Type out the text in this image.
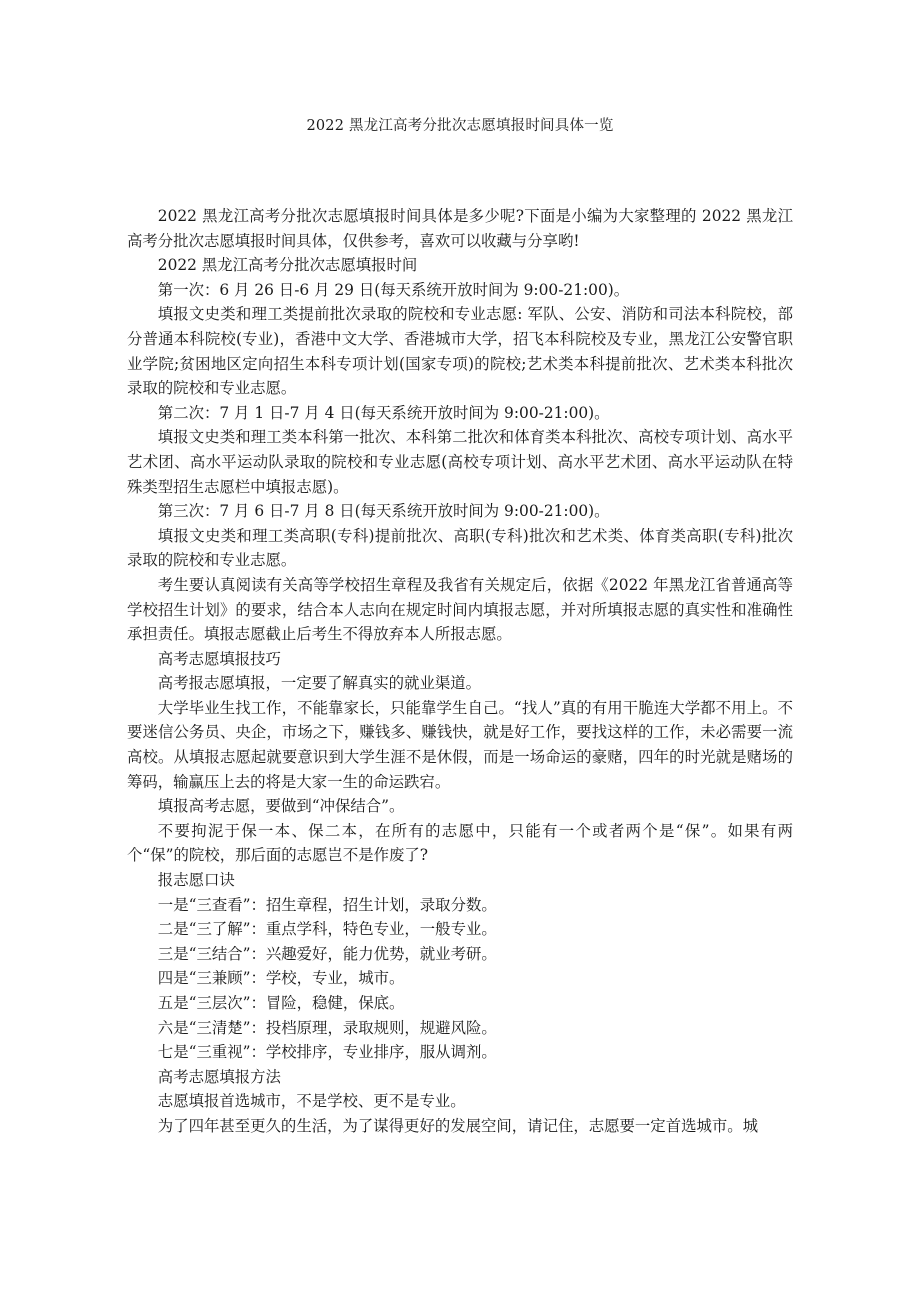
2022 黑龙江高考分批次志愿填报时间具体一览

2022 黑龙江高考分批次志愿填报时间具体是多少呢?下面是小编为大家整理的 2022 黑龙江高考分批次志愿填报时间具体，仅供参考，喜欢可以收藏与分享哟!

2022 黑龙江高考分批次志愿填报时间

第一次：6 月 26 日-6 月 29 日(每天系统开放时间为 9:00-21:00)。

填报文史类和理工类提前批次录取的院校和专业志愿: 军队、公安、消防和司法本科院校，部分普通本科院校(专业)，香港中文大学、香港城市大学，招飞本科院校及专业，黑龙江公安警官职业学院;贫困地区定向招生本科专项计划(国家专项)的院校;艺术类本科提前批次、艺术类本科批次录取的院校和专业志愿。

第二次：7 月 1 日-7 月 4 日(每天系统开放时间为 9:00-21:00)。

填报文史类和理工类本科第一批次、本科第二批次和体育类本科批次、高校专项计划、高水平艺术团、高水平运动队录取的院校和专业志愿(高校专项计划、高水平艺术团、高水平运动队在特殊类型招生志愿栏中填报志愿)。

第三次：7 月 6 日-7 月 8 日(每天系统开放时间为 9:00-21:00)。

填报文史类和理工类高职(专科)提前批次、高职(专科)批次和艺术类、体育类高职(专科)批次录取的院校和专业志愿。

考生要认真阅读有关高等学校招生章程及我省有关规定后，依据《2022 年黑龙江省普通高等学校招生计划》的要求，结合本人志向在规定时间内填报志愿，并对所填报志愿的真实性和准确性承担责任。填报志愿截止后考生不得放弃本人所报志愿。

高考志愿填报技巧

高考报志愿填报，一定要了解真实的就业渠道。

大学毕业生找工作，不能靠家长，只能靠学生自己。“找人”真的有用干脆连大学都不用上。不要迷信公务员、央企，市场之下，赚钱多、赚钱快，就是好工作，要找这样的工作，未必需要一流高校。从填报志愿起就要意识到大学生涯不是休假，而是一场命运的豪赌，四年的时光就是赌场的筹码，输赢压上去的将是大家一生的命运跌宕。

填报高考志愿，要做到“冲保结合”。

不要拘泥于保一本、保二本，在所有的志愿中，只能有一个或者两个是“保”。如果有两个“保”的院校，那后面的志愿岂不是作废了?

报志愿口诀

一是“三查看”：招生章程，招生计划，录取分数。

二是“三了解”：重点学科，特色专业，一般专业。

三是“三结合”：兴趣爱好，能力优势，就业考研。

四是“三兼顾”：学校，专业，城市。

五是“三层次”：冒险，稳健，保底。

六是“三清楚”：投档原理，录取规则，规避风险。

七是“三重视”：学校排序，专业排序，服从调剂。

高考志愿填报方法

志愿填报首选城市，不是学校、更不是专业。

为了四年甚至更久的生活，为了谋得更好的发展空间，请记住，志愿要一定首选城市。城
